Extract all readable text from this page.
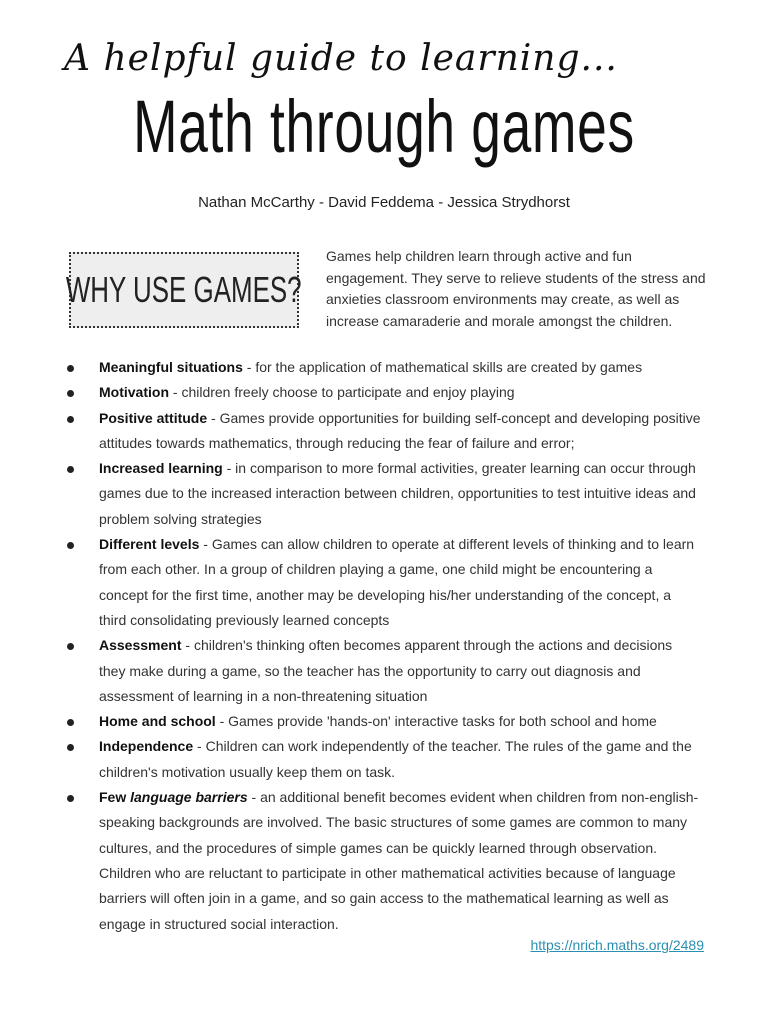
A helpful guide to learning...
Math through games
Nathan McCarthy - David Feddema - Jessica Strydhorst
WHY USE GAMES?
Games help children learn through active and fun engagement. They serve to relieve students of the stress and anxieties classroom environments may create, as well as increase camaraderie and morale amongst the children.
Meaningful situations - for the application of mathematical skills are created by games
Motivation - children freely choose to participate and enjoy playing
Positive attitude - Games provide opportunities for building self-concept and developing positive attitudes towards mathematics, through reducing the fear of failure and error;
Increased learning - in comparison to more formal activities, greater learning can occur through games due to the increased interaction between children, opportunities to test intuitive ideas and problem solving strategies
Different levels - Games can allow children to operate at different levels of thinking and to learn from each other. In a group of children playing a game, one child might be encountering a concept for the first time, another may be developing his/her understanding of the concept, a third consolidating previously learned concepts
Assessment - children's thinking often becomes apparent through the actions and decisions they make during a game, so the teacher has the opportunity to carry out diagnosis and assessment of learning in a non-threatening situation
Home and school - Games provide 'hands-on' interactive tasks for both school and home
Independence - Children can work independently of the teacher. The rules of the game and the children's motivation usually keep them on task.
Few language barriers - an additional benefit becomes evident when children from non-english-speaking backgrounds are involved. The basic structures of some games are common to many cultures, and the procedures of simple games can be quickly learned through observation. Children who are reluctant to participate in other mathematical activities because of language barriers will often join in a game, and so gain access to the mathematical learning as well as engage in structured social interaction.
https://nrich.maths.org/2489
